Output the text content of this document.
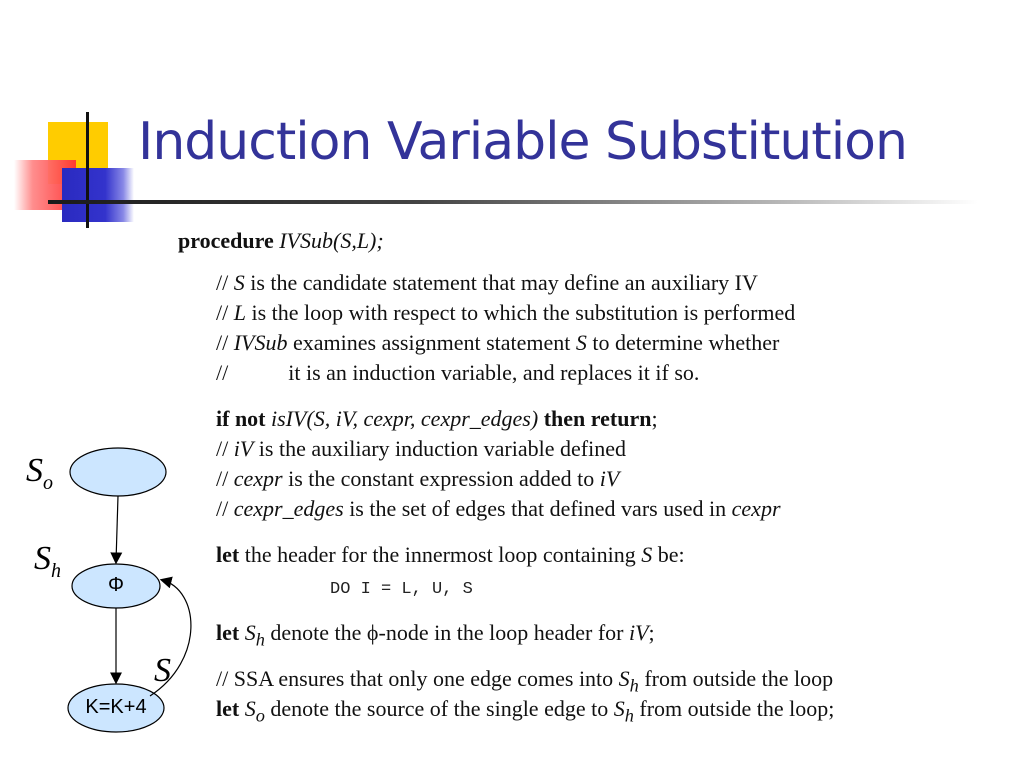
Induction Variable Substitution
procedure IVSub(S,L);
// S is the candidate statement that may define an auxiliary IV
// L is the loop with respect to which the substitution is performed
// IVSub examines assignment statement S to determine whether
//	it is an induction variable, and replaces it if so.
if not isIV(S, iV, cexpr, cexpr_edges) then return;
// iV is the auxiliary induction variable defined
// cexpr is the constant expression added to iV
// cexpr_edges is the set of edges that defined vars used in cexpr
let the header for the innermost loop containing S be:
DO I = L, U, S
let $S_h$ denote the ϕ-node in the loop header for iV;
// SSA ensures that only one edge comes into $S_h$ from outside the loop
let $S_o$ denote the source of the single edge to $S_h$ from outside the loop;
Φ
K=K+4
$S_o$
$S_h$
S
